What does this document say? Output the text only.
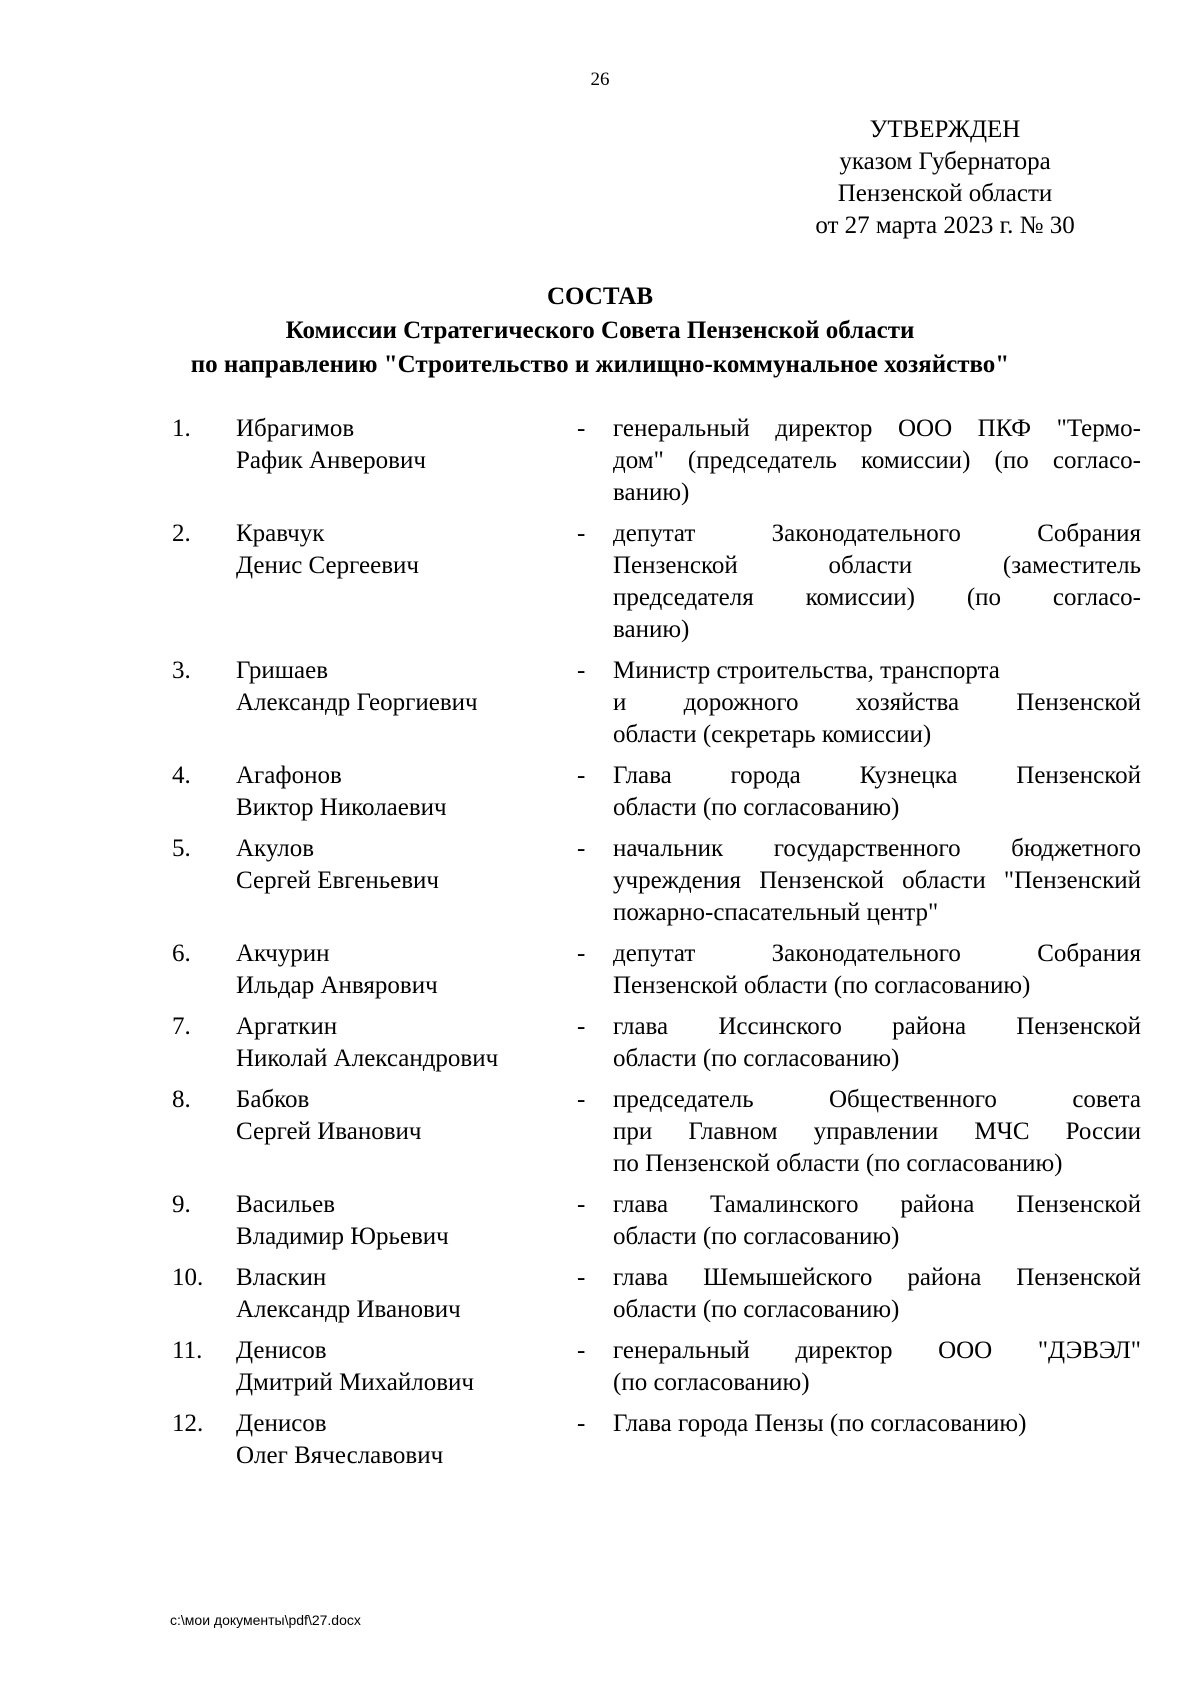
26
УТВЕРЖДЕН
указом Губернатора
Пензенской области
от 27 марта 2023 г. № 30
СОСТАВ
Комиссии Стратегического Совета Пензенской области
по направлению "Строительство и жилищно-коммунальное хозяйство"
1. Ибрагимов
Рафик Анверович
- генеральный директор ООО ПКФ "Термо-
дом" (председатель комиссии) (по согласо-
ванию)
2. Кравчук
Денис Сергеевич
- депутат Законодательного Собрания
Пензенской области (заместитель
председателя комиссии) (по согласо-
ванию)
3. Гришаев
Александр Георгиевич
- Министр строительства, транспорта
и дорожного хозяйства Пензенской
области (секретарь комиссии)
4. Агафонов
Виктор Николаевич
- Глава города Кузнецка Пензенской
области (по согласованию)
5. Акулов
Сергей Евгеньевич
- начальник государственного бюджетного
учреждения Пензенской области "Пензенский
пожарно-спасательный центр"
6. Акчурин
Ильдар Анвярович
- депутат Законодательного Собрания
Пензенской области (по согласованию)
7. Аргаткин
Николай Александрович
- глава Иссинского района Пензенской
области (по согласованию)
8. Бабков
Сергей Иванович
- председатель Общественного совета
при Главном управлении МЧС России
по Пензенской области (по согласованию)
9. Васильев
Владимир Юрьевич
- глава Тамалинского района Пензенской
области (по согласованию)
10. Власкин
Александр Иванович
- глава Шемышейского района Пензенской
области (по согласованию)
11. Денисов
Дмитрий Михайлович
- генеральный директор ООО "ДЭВЭЛ"
(по согласованию)
12. Денисов
Олег Вячеславович
- Глава города Пензы (по согласованию)
c:\мои документы\pdf\27.docx
